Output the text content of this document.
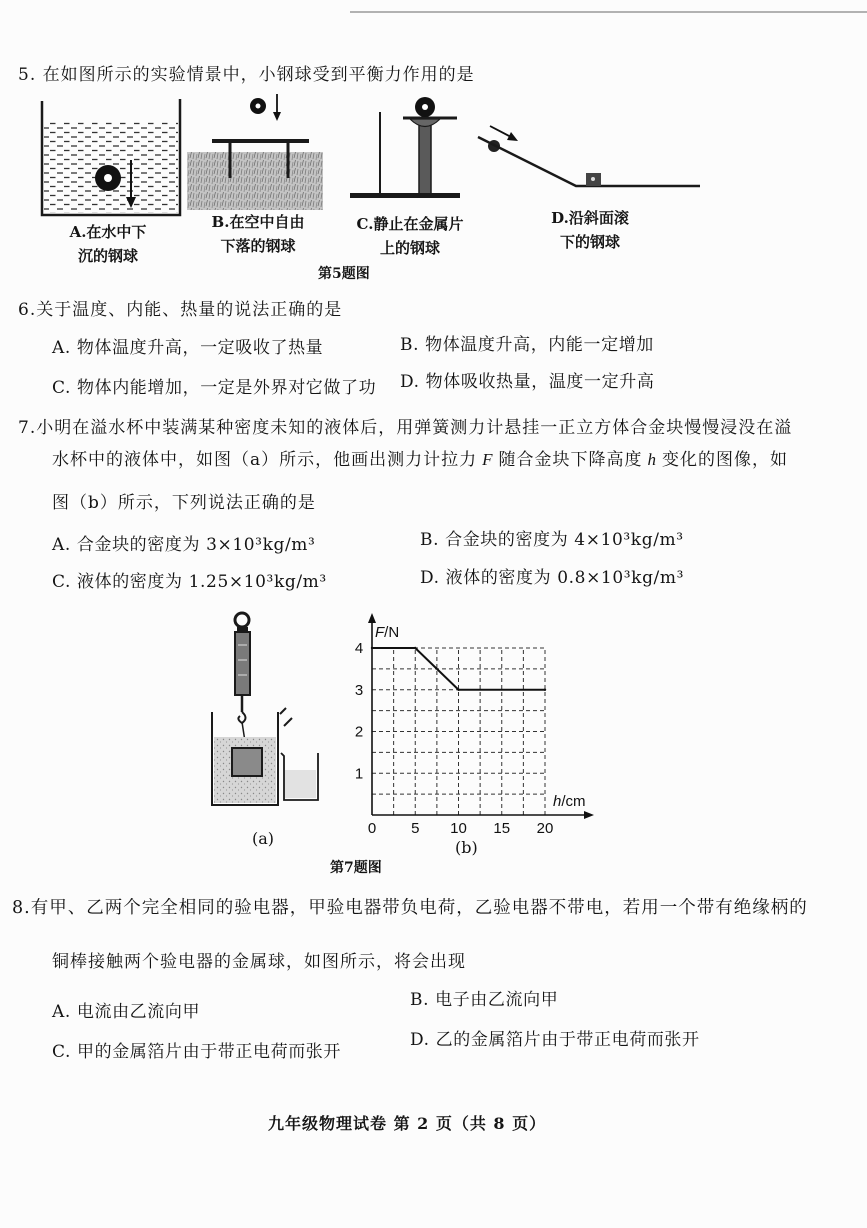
5. 在如图所示的实验情景中，小钢球受到平衡力作用的是
A.在水中下
沉的钢球
B.在空中自由
下落的钢球
C.静止在金属片
上的钢球
D.沿斜面滚
下的钢球
第5题图
6.关于温度、内能、热量的说法正确的是
A. 物体温度升高，一定吸收了热量	B. 物体温度升高，内能一定增加
C. 物体内能增加，一定是外界对它做了功 D. 物体吸收热量，温度一定升高
7.小明在溢水杯中装满某种密度未知的液体后，用弹簧测力计悬挂一正立方体合金块慢慢浸没在溢
水杯中的液体中，如图（a）所示，他画出测力计拉力 F 随合金块下降高度 h 变化的图像，如
图（b）所示，下列说法正确的是
A. 合金块的密度为 3×10³kg/m³	B. 合金块的密度为 4×10³kg/m³
C. 液体的密度为 1.25×10³kg/m³	D. 液体的密度为 0.8×10³kg/m³
0 5 10 15 20
1
2
3
4
F/N
h/cm
(a)	(b)
第7题图
8.有甲、乙两个完全相同的验电器，甲验电器带负电荷，乙验电器不带电，若用一个带有绝缘柄的
铜棒接触两个验电器的金属球，如图所示，将会出现
A. 电流由乙流向甲
B. 电子由乙流向甲
C. 甲的金属箔片由于带正电荷而张开
D. 乙的金属箔片由于带正电荷而张开
九年级物理试卷 第 2 页（共 8 页）
